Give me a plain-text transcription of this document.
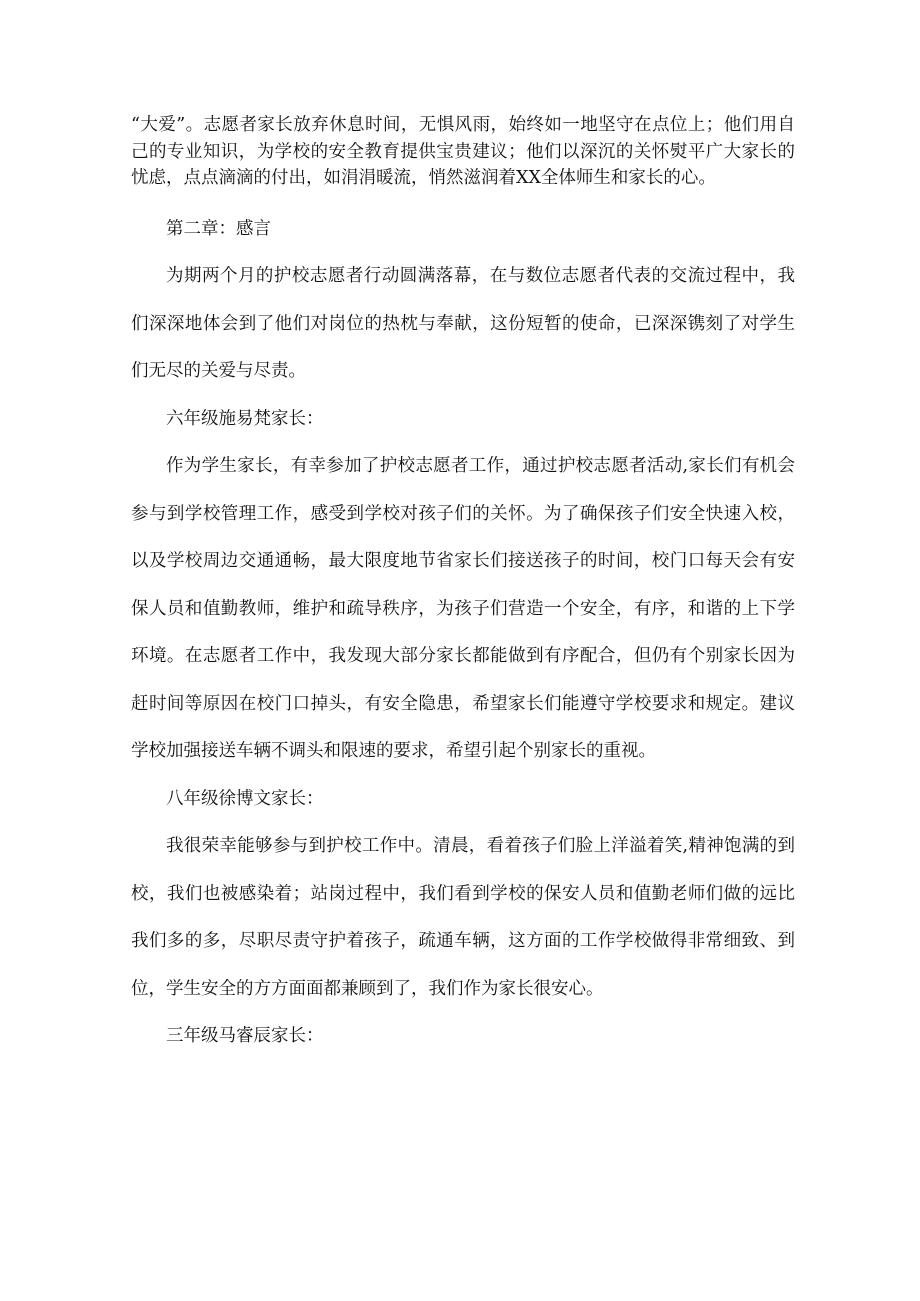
“大爱”。志愿者家长放弃休息时间，无惧风雨，始终如一地坚守在点位上；他们用自己的专业知识，为学校的安全教育提供宝贵建议；他们以深沉的关怀熨平广大家长的忧虑，点点滴滴的付出，如涓涓暖流，悄然滋润着XX全体师生和家长的心。

第二章：感言

为期两个月的护校志愿者行动圆满落幕，在与数位志愿者代表的交流过程中，我们深深地体会到了他们对岗位的热枕与奉献，这份短暂的使命，已深深镌刻了对学生们无尽的关爱与尽责。

六年级施易梵家长：

作为学生家长，有幸参加了护校志愿者工作，通过护校志愿者活动,家长们有机会参与到学校管理工作，感受到学校对孩子们的关怀。为了确保孩子们安全快速入校，以及学校周边交通通畅，最大限度地节省家长们接送孩子的时间，校门口每天会有安保人员和值勤教师，维护和疏导秩序，为孩子们营造一个安全，有序，和谐的上下学环境。在志愿者工作中，我发现大部分家长都能做到有序配合，但仍有个别家长因为赶时间等原因在校门口掉头，有安全隐患，希望家长们能遵守学校要求和规定。建议学校加强接送车辆不调头和限速的要求，希望引起个别家长的重视。

八年级徐博文家长：

我很荣幸能够参与到护校工作中。清晨，看着孩子们脸上洋溢着笑,精神饱满的到校，我们也被感染着；站岗过程中，我们看到学校的保安人员和值勤老师们做的远比我们多的多，尽职尽责守护着孩子，疏通车辆，这方面的工作学校做得非常细致、到位，学生安全的方方面面都兼顾到了，我们作为家长很安心。

三年级马睿辰家长：
